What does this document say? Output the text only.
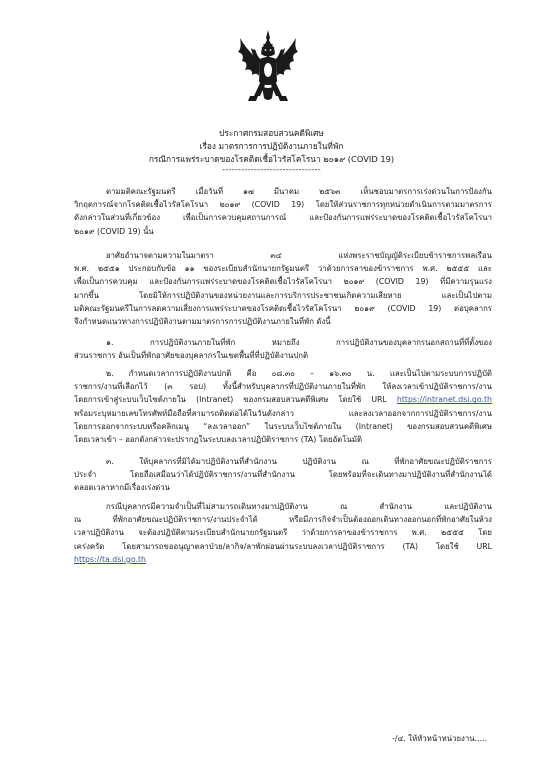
ประกาศกรมสอบสวนคดีพิเศษ
เรื่อง มาตรการการปฏิบัติงานภายในที่พัก
กรณีการแพร่ระบาดของโรคติดเชื้อไวรัสโคโรนา ๒๐๑๙ (COVID 19)
-------------------------------
ตามมติคณะรัฐมนตรี เมื่อวันที่ ๑๗ มีนาคม ๒๕๖๓ เห็นชอบมาตรการเร่งด่วนในการป้องกัน
วิกฤตการณ์จากโรคติดเชื้อไวรัสโคโรนา ๒๐๑๙ (COVID 19) โดยให้ส่วนราชการทุกหน่วยดำเนินการตามมาตรการ
ดังกล่าวในส่วนที่เกี่ยวข้อง เพื่อเป็นการควบคุมสถานการณ์ และป้องกันการแพร่ระบาดของโรคติดเชื้อไวรัสโคโรนา
๒๐๑๙ (COVID 19) นั้น
อาศัยอำนาจตามความในมาตรา ๓๔ แห่งพระราชบัญญัติระเบียบข้าราชการพลเรือน
พ.ศ. ๒๕๕๑ ประกอบกับข้อ ๑๑ ของระเบียบสำนักนายกรัฐมนตรี ว่าด้วยการลาของข้าราชการ พ.ศ. ๒๕๕๕ และ
เพื่อเป็นการควบคุม และป้องกันการแพร่ระบาดของโรคติดเชื้อไวรัสโคโรนา ๒๐๑๙ (COVID 19) ที่มีความรุนแรง
มากขึ้น โดยมิให้การปฏิบัติงานของหน่วยงานและการบริการประชาชนเกิดความเสียหาย และเป็นไปตาม
มติคณะรัฐมนตรีในการลดความเสี่ยงการแพร่ระบาดของโรคติดเชื้อไวรัสโคโรนา ๒๐๑๙ (COVID 19) ต่อบุคลากร
จึงกำหนดแนวทางการปฏิบัติงานตามมาตรการการปฏิบัติงานภายในที่พัก ดังนี้
๑. การปฏิบัติงานภายในที่พัก หมายถึง การปฏิบัติงานของบุคลากรนอกสถานที่ที่ตั้งของ
ส่วนราชการ อันเป็นที่พักอาศัยของบุคลากรในเขตพื้นที่ที่ปฏิบัติงานปกติ
๒. กำหนดเวลาการปฏิบัติงานปกติ คือ ๐๘.๓๐ – ๑๖.๓๐ น. และเป็นไปตามระบบการปฏิบัติ
ราชการ/งานที่เลือกไว้ (๓ รอบ) ทั้งนี้สำหรับบุคลากรที่ปฏิบัติงานภายในที่พัก ให้ลงเวลาเข้าปฏิบัติราชการ/งาน
โดยการเข้าสู่ระบบเว็บไซต์ภายใน (Intranet) ของกรมสอบสวนคดีพิเศษ โดยใช้ URL https://intranet.dsi.go.th
พร้อมระบุหมายเลขโทรศัพท์มือถือที่สามารถติดต่อได้ในวันดังกล่าว และลงเวลาออกจากการปฏิบัติราชการ/งาน
โดยการออกจากระบบหรือคลิกเมนู “ลงเวลาออก” ในระบบเว็บไซต์ภายใน (Intranet) ของกรมสอบสวนคดีพิเศษ
โดยเวลาเข้า – ออกดังกล่าวจะปรากฏในระบบลงเวลาปฏิบัติราชการ (TA) โดยอัตโนมัติ
๓. ให้บุคลากรที่มิได้มาปฏิบัติงานที่สำนักงาน ปฏิบัติงาน ณ ที่พักอาศัยขณะปฏิบัติราชการ
ประจำ โดยถือเสมือนว่าได้ปฏิบัติราชการ/งานที่สำนักงาน โดยพร้อมที่จะเดินทางมาปฏิบัติงานที่สำนักงานได้
ตลอดเวลาหากมีเรื่องเร่งด่วน
กรณีบุคลากรมีความจำเป็นที่ไม่สามารถเดินทางมาปฏิบัติงาน ณ สำนักงาน และปฏิบัติงาน
ณ ที่พักอาศัยขณะปฏิบัติราชการ/งานประจำได้ หรือมีภารกิจจำเป็นต้องออกเดินทางออกนอกที่พักอาศัยในห้วง
เวลาปฏิบัติงาน จะต้องปฏิบัติตามระเบียบสำนักนายกรัฐมนตรี ว่าด้วยการลาของข้าราชการ พ.ศ. ๒๕๕๕ โดย
เคร่งครัด โดยสามารถขออนุญาตลาป่วย/ลากิจ/ลาพักผ่อนผ่านระบบลงเวลาปฏิบัติราชการ (TA) โดยใช้ URL
https://ta.dsi.go.th
-/๔. ให้หัวหน้าหน่วยงาน.....
